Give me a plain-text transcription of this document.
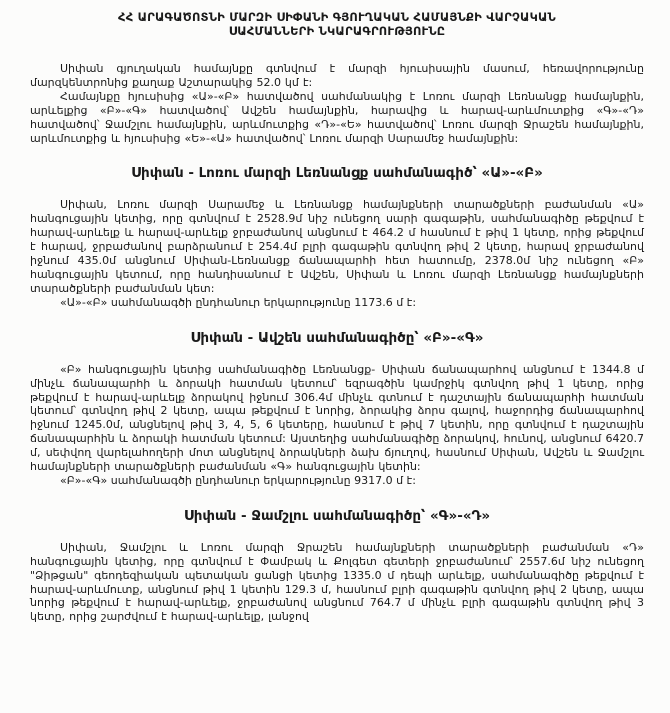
ՀՀ ԱՐԱԳԱԾՈՏՆԻ ՄԱՐԶԻ ՍԻՓԱՆԻ ԳՅՈՒՂԱԿԱՆ ՀԱՄԱՅՆՔԻ ՎԱՐՉԱԿԱՆ
ՍԱՀՄԱՆՆԵՐԻ ՆԿԱՐԱԳՐՈՒԹՅՈՒՆԸ

Սիփան գյուղական համայնքը գտնվում է մարզի հյուսիսային մասում, հեռավորությունը մարզկենտրոնից քաղաք Աշտարակից 52.0 կմ է:

Համայնքը հյուսիսից «Ա»-«Բ» հատվածով սահմանակից է Լոռու մարզի Լեռնանցք համայնքին, արևելքից «Բ»-«Գ» հատվածով՝ Ավշեն համայնքին, հարավից և հարավ-արևմուտքից «Գ»-«Դ» հատվածով՝ Ջամշլու համայնքին, արևմուտքից «Դ»-«Ե» հատվածով՝ Լոռու մարզի Ջրաշեն համայնքին, արևմուտքից և հյուսիսից «Ե»-«Ա» հատվածով՝ Լոռու մարզի Սարամեջ համայնքին:

Սիփան - Լոռու մարզի Լեռնանցք սահմանագիծ՝ «Ա»-«Բ»

Սիփան, Լոռու մարզի Սարամեջ և Լեռնանցք համայնքների տարածքների բաժանման «Ա» հանգուցային կետից, որը գտնվում է 2528.9մ նիշ ունեցող սարի գագաթին, սահմանագիծը թեքվում է հարավ-արևելք և հարավ-արևելք ջրբաժանով անցնում է 464.2 մ հասնում է թիվ 1 կետը, որից թեքվում է հարավ, ջրբաժանով բարձրանում է 254.4մ բլրի գագաթին գտնվող թիվ 2 կետը, հարավ ջրբաժանով իջնում 435.0մ անցնում Սիփան-Լեռնանցք ճանապարհի հետ հատումը, 2378.0մ նիշ ունեցող «Բ» հանգուցային կետում, որը հանդիսանում է Ավշեն, Սիփան և Լոռու մարզի Լեռնանցք համայնքների տարածքների բաժանման կետ:

«Ա»-«Բ» սահմանագծի ընդհանուր երկարությունը 1173.6 մ է:

Սիփան - Ավշեն սահմանագիծը՝ «Բ»-«Գ»

«Բ» հանգուցային կետից սահմանագիծը Լեռնանցք- Սիփան ճանապարհով անցնում է 1344.8 մ մինչև ճանապարհի և ձորակի հատման կետում՝ եզրագծին կամրջիկ գտնվող թիվ 1 կետը, որից թեքվում է հարավ-արևելք ձորակով իջնում 306.4մ մինչև գտնում է դաշտային ճանապարհի հատման կետում՝ գտնվող թիվ 2 կետը, ապա թեքվում է նորից, ձորակից ձորս գալով, հաջորդից ճանապարհով իջնում 1245.0մ, անցնելով թիվ 3, 4, 5, 6 կետերը, հասնում է թիվ 7 կետին, որը գտնվում է դաշտային ճանապարհին և ձորակի հատման կետում: Այստեղից սահմանագիծը ձորակով, հունով, անցնում 6420.7 մ, սեփվող վարելահողերի մոտ անցնելով ձորակների ձախ ճյուղով, հասնում Սիփան, Ավշեն և Ջամշլու համայնքների տարածքների բաժանման «Գ» հանգուցային կետին:

«Բ»-«Գ» սահմանագծի ընդհանուր երկարությունը 9317.0 մ է:

Սիփան - Ջամշլու սահմանագիծը՝ «Գ»-«Դ»

Սիփան, Ջամշլու և Լոռու մարզի Ջրաշեն համայնքների տարածքների բաժանման «Դ» հանգուցային կետից, որը գտնվում է Փամբակ և Քոլգետ գետերի ջրբաժանում՝ 2557.6մ նիշ ունեցող "Ձիթցան" գեոդեզիական պետական ցանցի կետից 1335.0 մ դեպի արևելք, սահմանագիծը թեքվում է հարավ-արևմուտք, անցնում թիվ 1 կետին 129.3 մ, հասնում բլրի գագաթին գտնվող թիվ 2 կետը, ապա նորից թեքվում է հարավ-արևելք, ջրբաժանով անցնում 764.7 մ մինչև բլրի գագաթին գտնվող թիվ 3 կետը, որից շարժվում է հարավ-արևելք, լանջով
